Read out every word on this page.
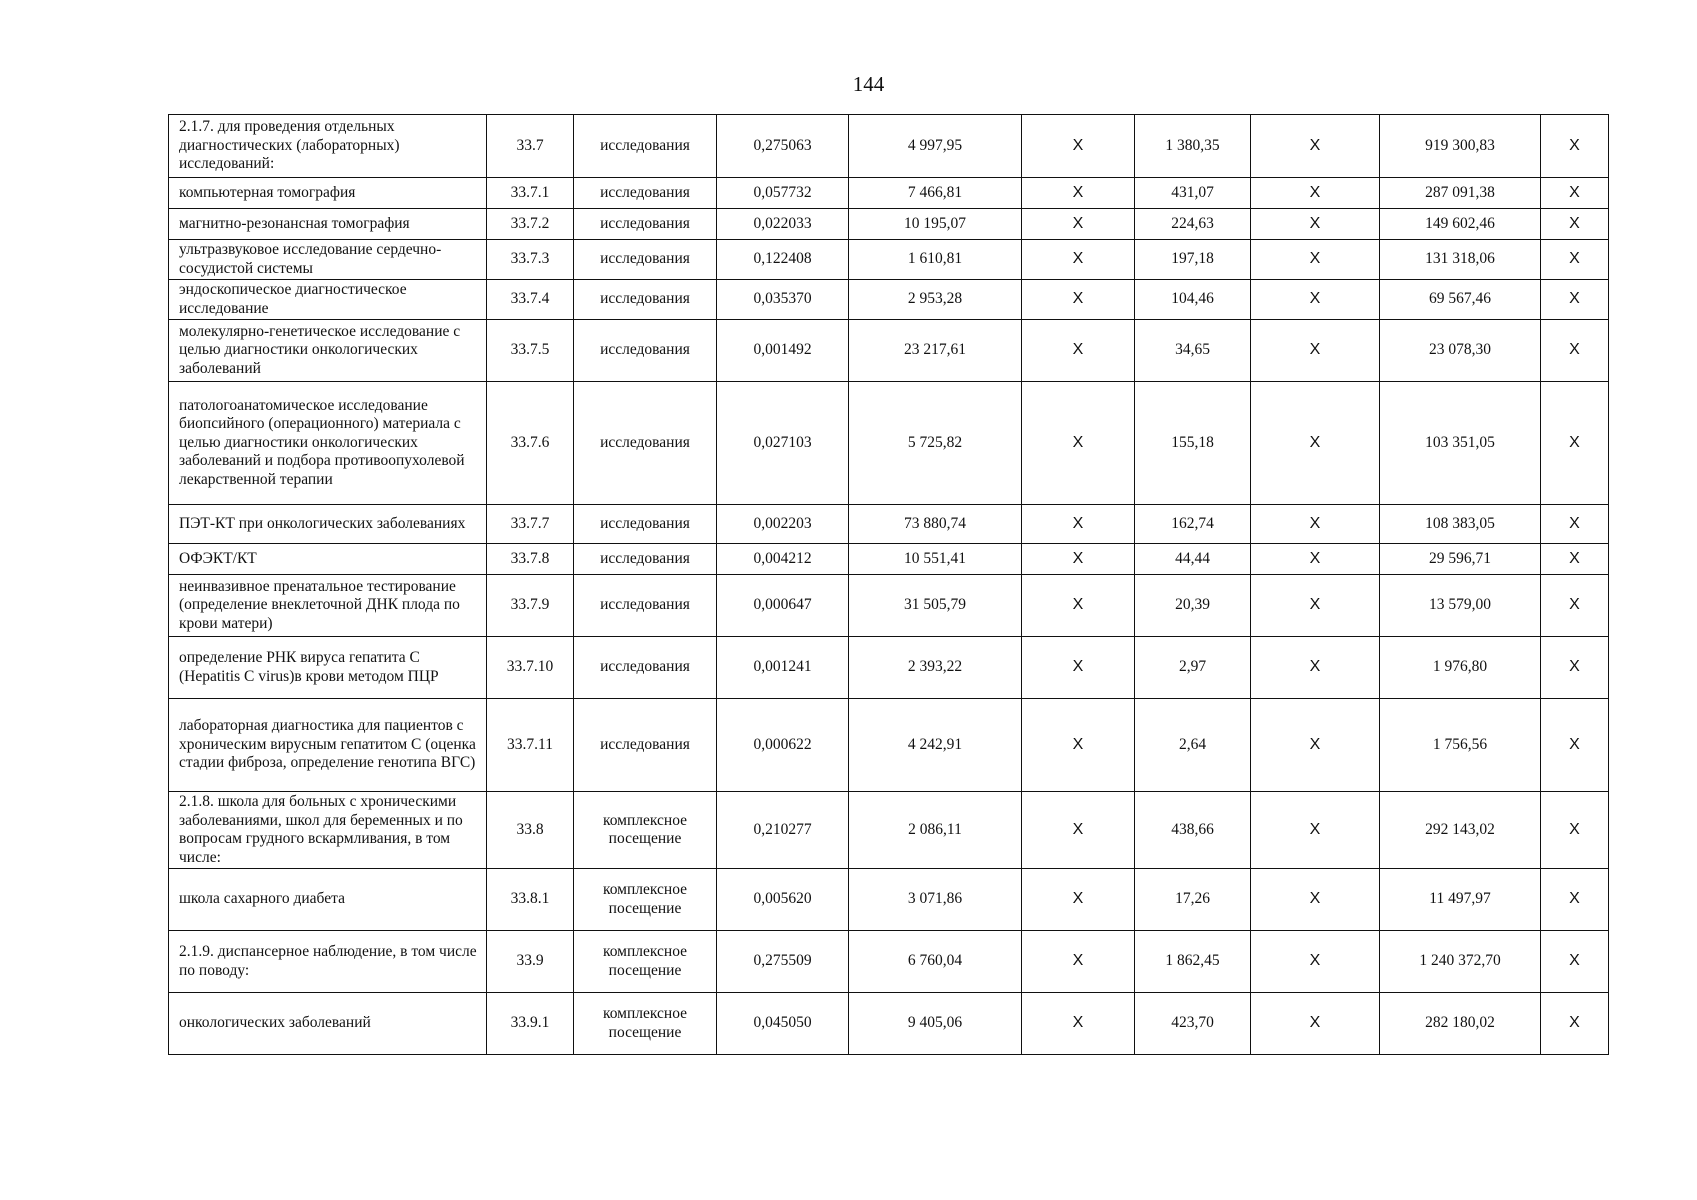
144
2.1.7. для проведения отдельных диагностических (лабораторных) исследований:	33.7	исследования	0,275063	4 997,95	Х	1 380,35	Х	919 300,83	Х
компьютерная томография	33.7.1	исследования	0,057732	7 466,81	Х	431,07	Х	287 091,38	Х
магнитно-резонансная томография	33.7.2	исследования	0,022033	10 195,07	Х	224,63	Х	149 602,46	Х
ультразвуковое исследование сердечно-сосудистой системы	33.7.3	исследования	0,122408	1 610,81	Х	197,18	Х	131 318,06	Х
эндоскопическое диагностическое исследование	33.7.4	исследования	0,035370	2 953,28	Х	104,46	Х	69 567,46	Х
молекулярно-генетическое исследование с целью диагностики онкологических заболеваний	33.7.5	исследования	0,001492	23 217,61	Х	34,65	Х	23 078,30	Х
патологоанатомическое исследование биопсийного (операционного) материала с целью диагностики онкологических заболеваний и подбора противоопухолевой лекарственной терапии	33.7.6	исследования	0,027103	5 725,82	Х	155,18	Х	103 351,05	Х
ПЭТ-КТ при онкологических заболеваниях	33.7.7	исследования	0,002203	73 880,74	Х	162,74	Х	108 383,05	Х
ОФЭКТ/КТ	33.7.8	исследования	0,004212	10 551,41	Х	44,44	Х	29 596,71	Х
неинвазивное пренатальное тестирование (определение внеклеточной ДНК плода по крови матери)	33.7.9	исследования	0,000647	31 505,79	Х	20,39	Х	13 579,00	Х
определение РНК вируса гепатита С (Hepatitis C virus)в крови методом ПЦР	33.7.10	исследования	0,001241	2 393,22	Х	2,97	Х	1 976,80	Х
лабораторная диагностика для пациентов с хроническим вирусным гепатитом С (оценка стадии фиброза, определение генотипа ВГС)	33.7.11	исследования	0,000622	4 242,91	Х	2,64	Х	1 756,56	Х
2.1.8. школа для больных с хроническими заболеваниями, школ для беременных и по вопросам грудного вскармливания, в том числе:	33.8	комплексное посещение	0,210277	2 086,11	Х	438,66	Х	292 143,02	Х
школа сахарного диабета	33.8.1	комплексное посещение	0,005620	3 071,86	Х	17,26	Х	11 497,97	Х
2.1.9. диспансерное наблюдение, в том числе по поводу:	33.9	комплексное посещение	0,275509	6 760,04	Х	1 862,45	Х	1 240 372,70	Х
онкологических заболеваний	33.9.1	комплексное посещение	0,045050	9 405,06	Х	423,70	Х	282 180,02	Х
